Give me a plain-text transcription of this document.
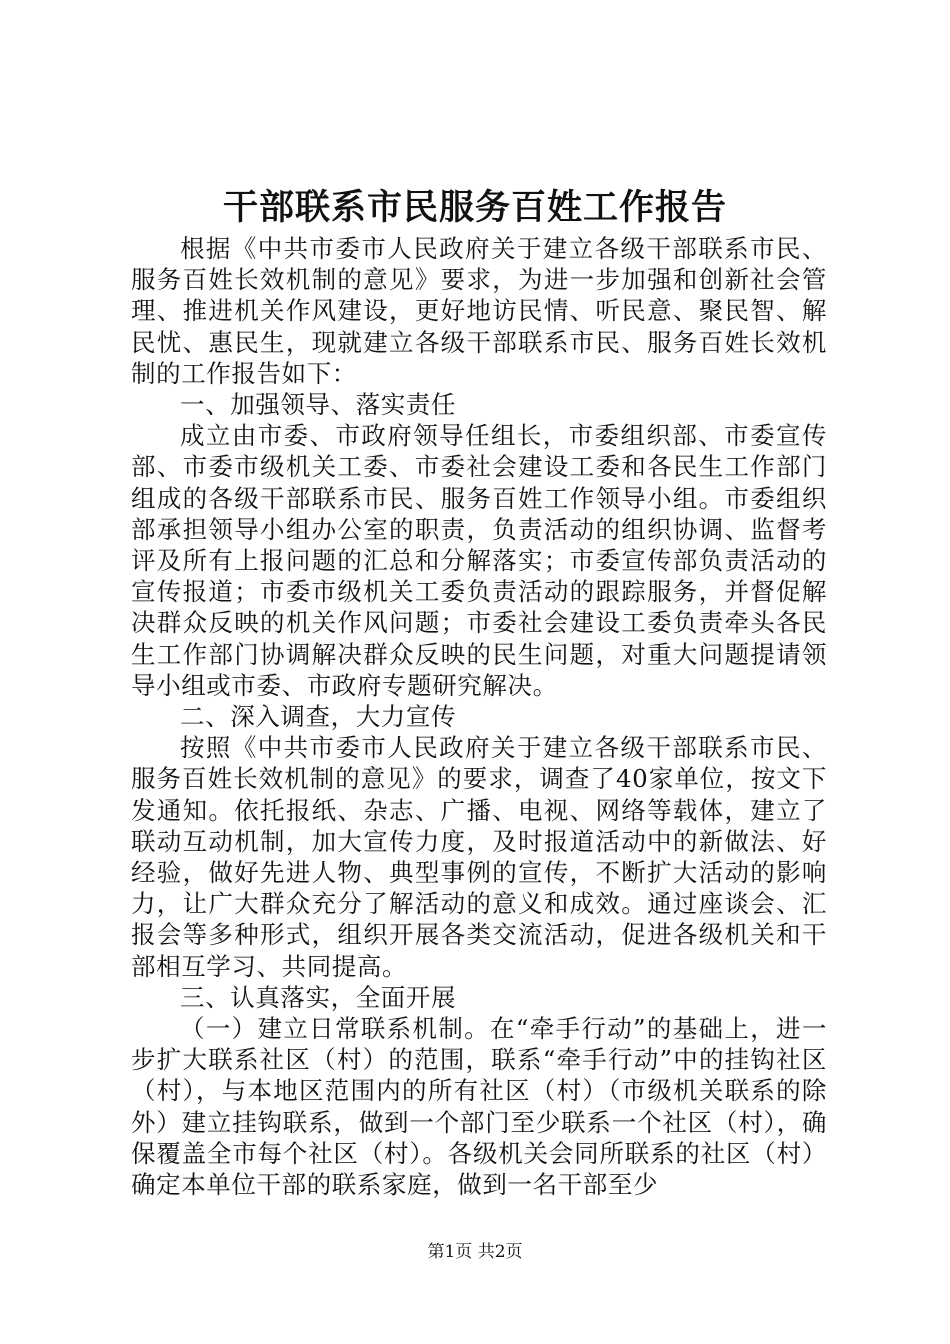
干部联系市民服务百姓工作报告

根据《中共市委市人民政府关于建立各级干部联系市民、服务百姓长效机制的意见》要求，为进一步加强和创新社会管理、推进机关作风建设，更好地访民情、听民意、聚民智、解民忧、惠民生，现就建立各级干部联系市民、服务百姓长效机制的工作报告如下：

一、加强领导、落实责任

成立由市委、市政府领导任组长，市委组织部、市委宣传部、市委市级机关工委、市委社会建设工委和各民生工作部门组成的各级干部联系市民、服务百姓工作领导小组。市委组织部承担领导小组办公室的职责，负责活动的组织协调、监督考评及所有上报问题的汇总和分解落实；市委宣传部负责活动的宣传报道；市委市级机关工委负责活动的跟踪服务，并督促解决群众反映的机关作风问题；市委社会建设工委负责牵头各民生工作部门协调解决群众反映的民生问题，对重大问题提请领导小组或市委、市政府专题研究解决。

二、深入调查，大力宣传

按照《中共市委市人民政府关于建立各级干部联系市民、服务百姓长效机制的意见》的要求，调查了40家单位，按文下发通知。依托报纸、杂志、广播、电视、网络等载体，建立了联动互动机制，加大宣传力度，及时报道活动中的新做法、好经验，做好先进人物、典型事例的宣传，不断扩大活动的影响力，让广大群众充分了解活动的意义和成效。通过座谈会、汇报会等多种形式，组织开展各类交流活动，促进各级机关和干部相互学习、共同提高。

三、认真落实，全面开展

（一）建立日常联系机制。在“牵手行动”的基础上，进一步扩大联系社区（村）的范围，联系“牵手行动”中的挂钩社区（村），与本地区范围内的所有社区（村）（市级机关联系的除外）建立挂钩联系，做到一个部门至少联系一个社区（村），确保覆盖全市每个社区（村）。各级机关会同所联系的社区（村）确定本单位干部的联系家庭，做到一名干部至少

第1页 共2页
